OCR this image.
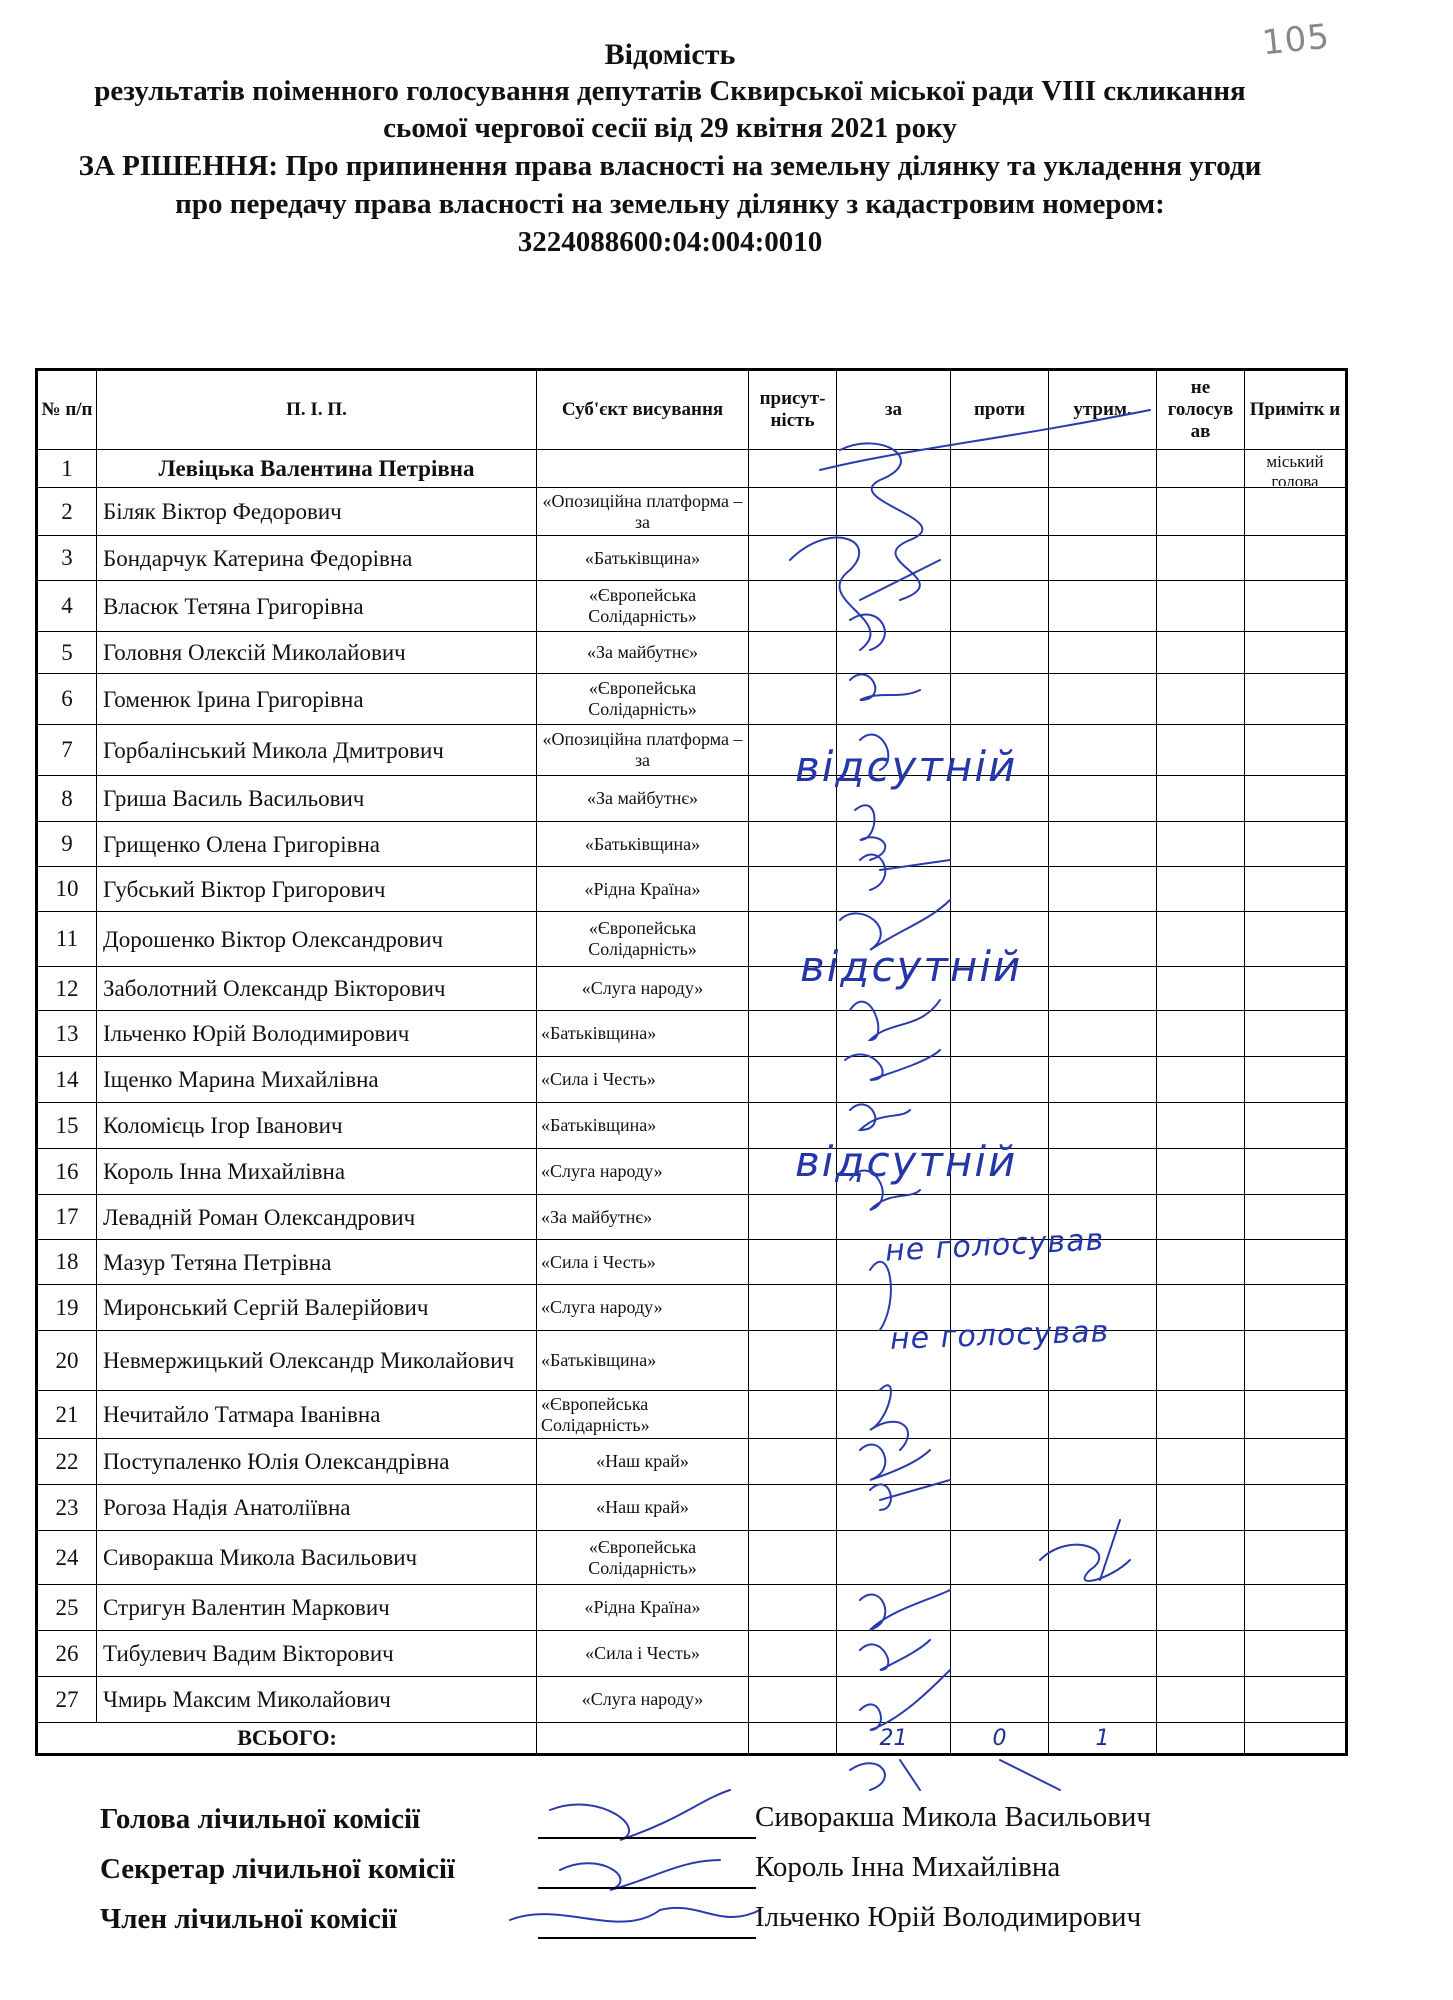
105
Відомість
результатів поіменного голосування депутатів Сквирської міської ради VIII скликання
сьомої чергової сесії від 29 квітня 2021 року
ЗА РІШЕННЯ: Про припинення права власності на земельну ділянку та укладення угоди
про передачу права власності на земельну ділянку з кадастровим номером:
3224088600:04:004:0010
№ п/п	П. І. П.	Суб'єкт висування	присут-ність	за	проти	утрим.	не голосув ав	Примітк и

1	Левіцька Валентина Петрівна							міський голова

2	Біляк Віктор Федорович	«Опозиційна платформа – за						

3	Бондарчук Катерина Федорівна	«Батьківщина»						

4	Власюк Тетяна Григорівна	«Європейська Солідарність»						

5	Головня Олексій Миколайович	«За майбутнє»						

6	Гоменюк Ірина Григорівна	«Європейська Солідарність»						

7	Горбалінський Микола Дмитрович	«Опозиційна платформа – за						

8	Гриша Василь Васильович	«За майбутнє»						

9	Грищенко Олена Григорівна	«Батьківщина»						

10	Губський Віктор Григорович	«Рідна Країна»						

11	Дорошенко Віктор Олександрович	«Європейська Солідарність»						

12	Заболотний Олександр Вікторович	«Слуга народу»						

13	Ільченко Юрій Володимирович	«Батьківщина»						

14	Іщенко Марина Михайлівна	«Сила і Честь»						

15	Коломієць Ігор Іванович	«Батьківщина»						

16	Король Інна Михайлівна	«Слуга народу»						

17	Левадній Роман Олександрович	«За майбутнє»						

18	Мазур Тетяна Петрівна	«Сила і Честь»						

19	Миронський Сергій Валерійович	«Слуга народу»						

20	Невмержицький Олександр Миколайович	«Батьківщина»						

21	Нечитайло Татмара Іванівна	«Європейська Солідарність»						

22	Поступаленко Юлія Олександрівна	«Наш край»						

23	Рогоза Надія Анатоліївна	«Наш край»						

24	Сиворакша Микола Васильович	«Європейська Солідарність»						

25	Стригун Валентин Маркович	«Рідна Країна»						

26	Тибулевич Вадим Вікторович	«Сила і Честь»						

27	Чмирь Максим Миколайович	«Слуга народу»						

ВСЬОГО:				21	0	1		
відсутній
відсутній
відсутній
не голосував
не голосував
Голова лічильної комісії	Сиворакша Микола Васильович
Секретар лічильної комісії	Король Інна Михайлівна
Член лічильної комісії	Ільченко Юрій Володимирович
